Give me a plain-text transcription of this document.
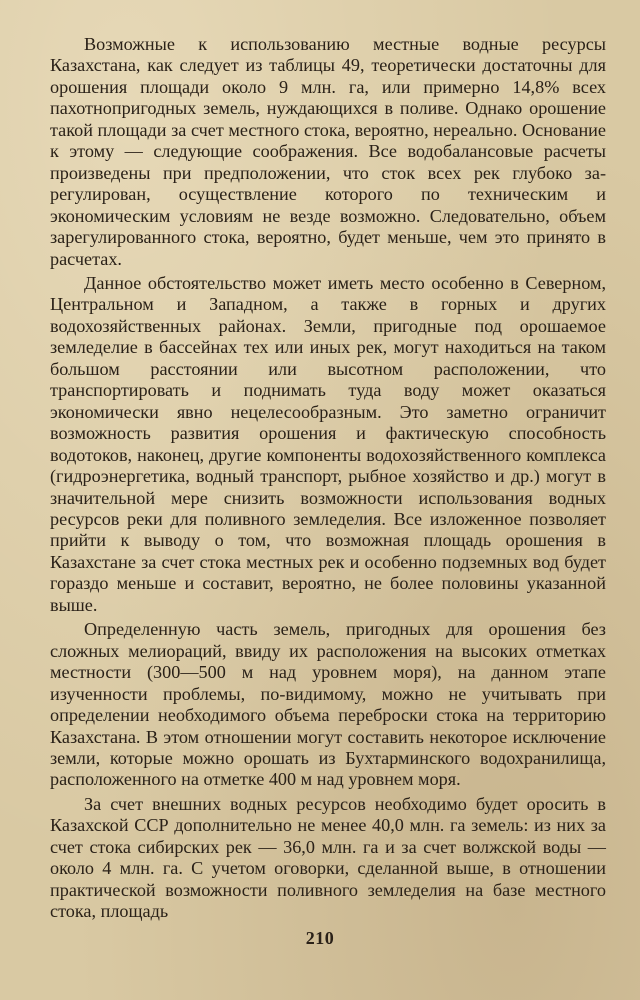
Возможные к использованию местные водные ресурсы Казахстана, как следует из таблицы 49, теоретически достаточны для орошения площади около 9 млн. га, или примерно 14,8% всех пахотнопригодных земель, нуждающихся в поливе. Однако орошение такой площади за счет местного стока, вероятно, нереально. Основание к этому — следующие соображения. Все водобалансовые расчеты произведены при предположении, что сток всех рек глубоко зарегулирован, осуществление которого по техническим и экономическим условиям не везде возможно. Следовательно, объем зарегулированного стока, вероятно, будет меньше, чем это принято в расчетах.

Данное обстоятельство может иметь место особенно в Северном, Центральном и Западном, а также в горных и других водохозяйственных районах. Земли, пригодные под орошаемое земледелие в бассейнах тех или иных рек, могут находиться на таком большом расстоянии или высотном расположении, что транспортировать и поднимать туда воду может оказаться экономически явно нецелесообразным. Это заметно ограничит возможность развития орошения и фактическую способность водотоков, наконец, другие компоненты водохозяйственного комплекса (гидроэнергетика, водный транспорт, рыбное хозяйство и др.) могут в значительной мере снизить возможности использования водных ресурсов реки для поливного земледелия. Все изложенное позволяет прийти к выводу о том, что возможная площадь орошения в Казахстане за счет стока местных рек и особенно подземных вод будет гораздо меньше и составит, вероятно, не более половины указанной выше.

Определенную часть земель, пригодных для орошения без сложных мелиораций, ввиду их расположения на высоких отметках местности (300—500 м над уровнем моря), на данном этапе изученности проблемы, по-видимому, можно не учитывать при определении необходимого объема переброски стока на территорию Казахстана. В этом отношении могут составить некоторое исключение земли, которые можно орошать из Бухтарминского водохранилища, расположенного на отметке 400 м над уровнем моря.

За счет внешних водных ресурсов необходимо будет оросить в Казахской ССР дополнительно не менее 40,0 млн. га земель: из них за счет стока сибирских рек — 36,0 млн. га и за счет волжской воды — около 4 млн. га. С учетом оговорки, сделанной выше, в отношении практической возможности поливного земледелия на базе местного стока, площадь

210
